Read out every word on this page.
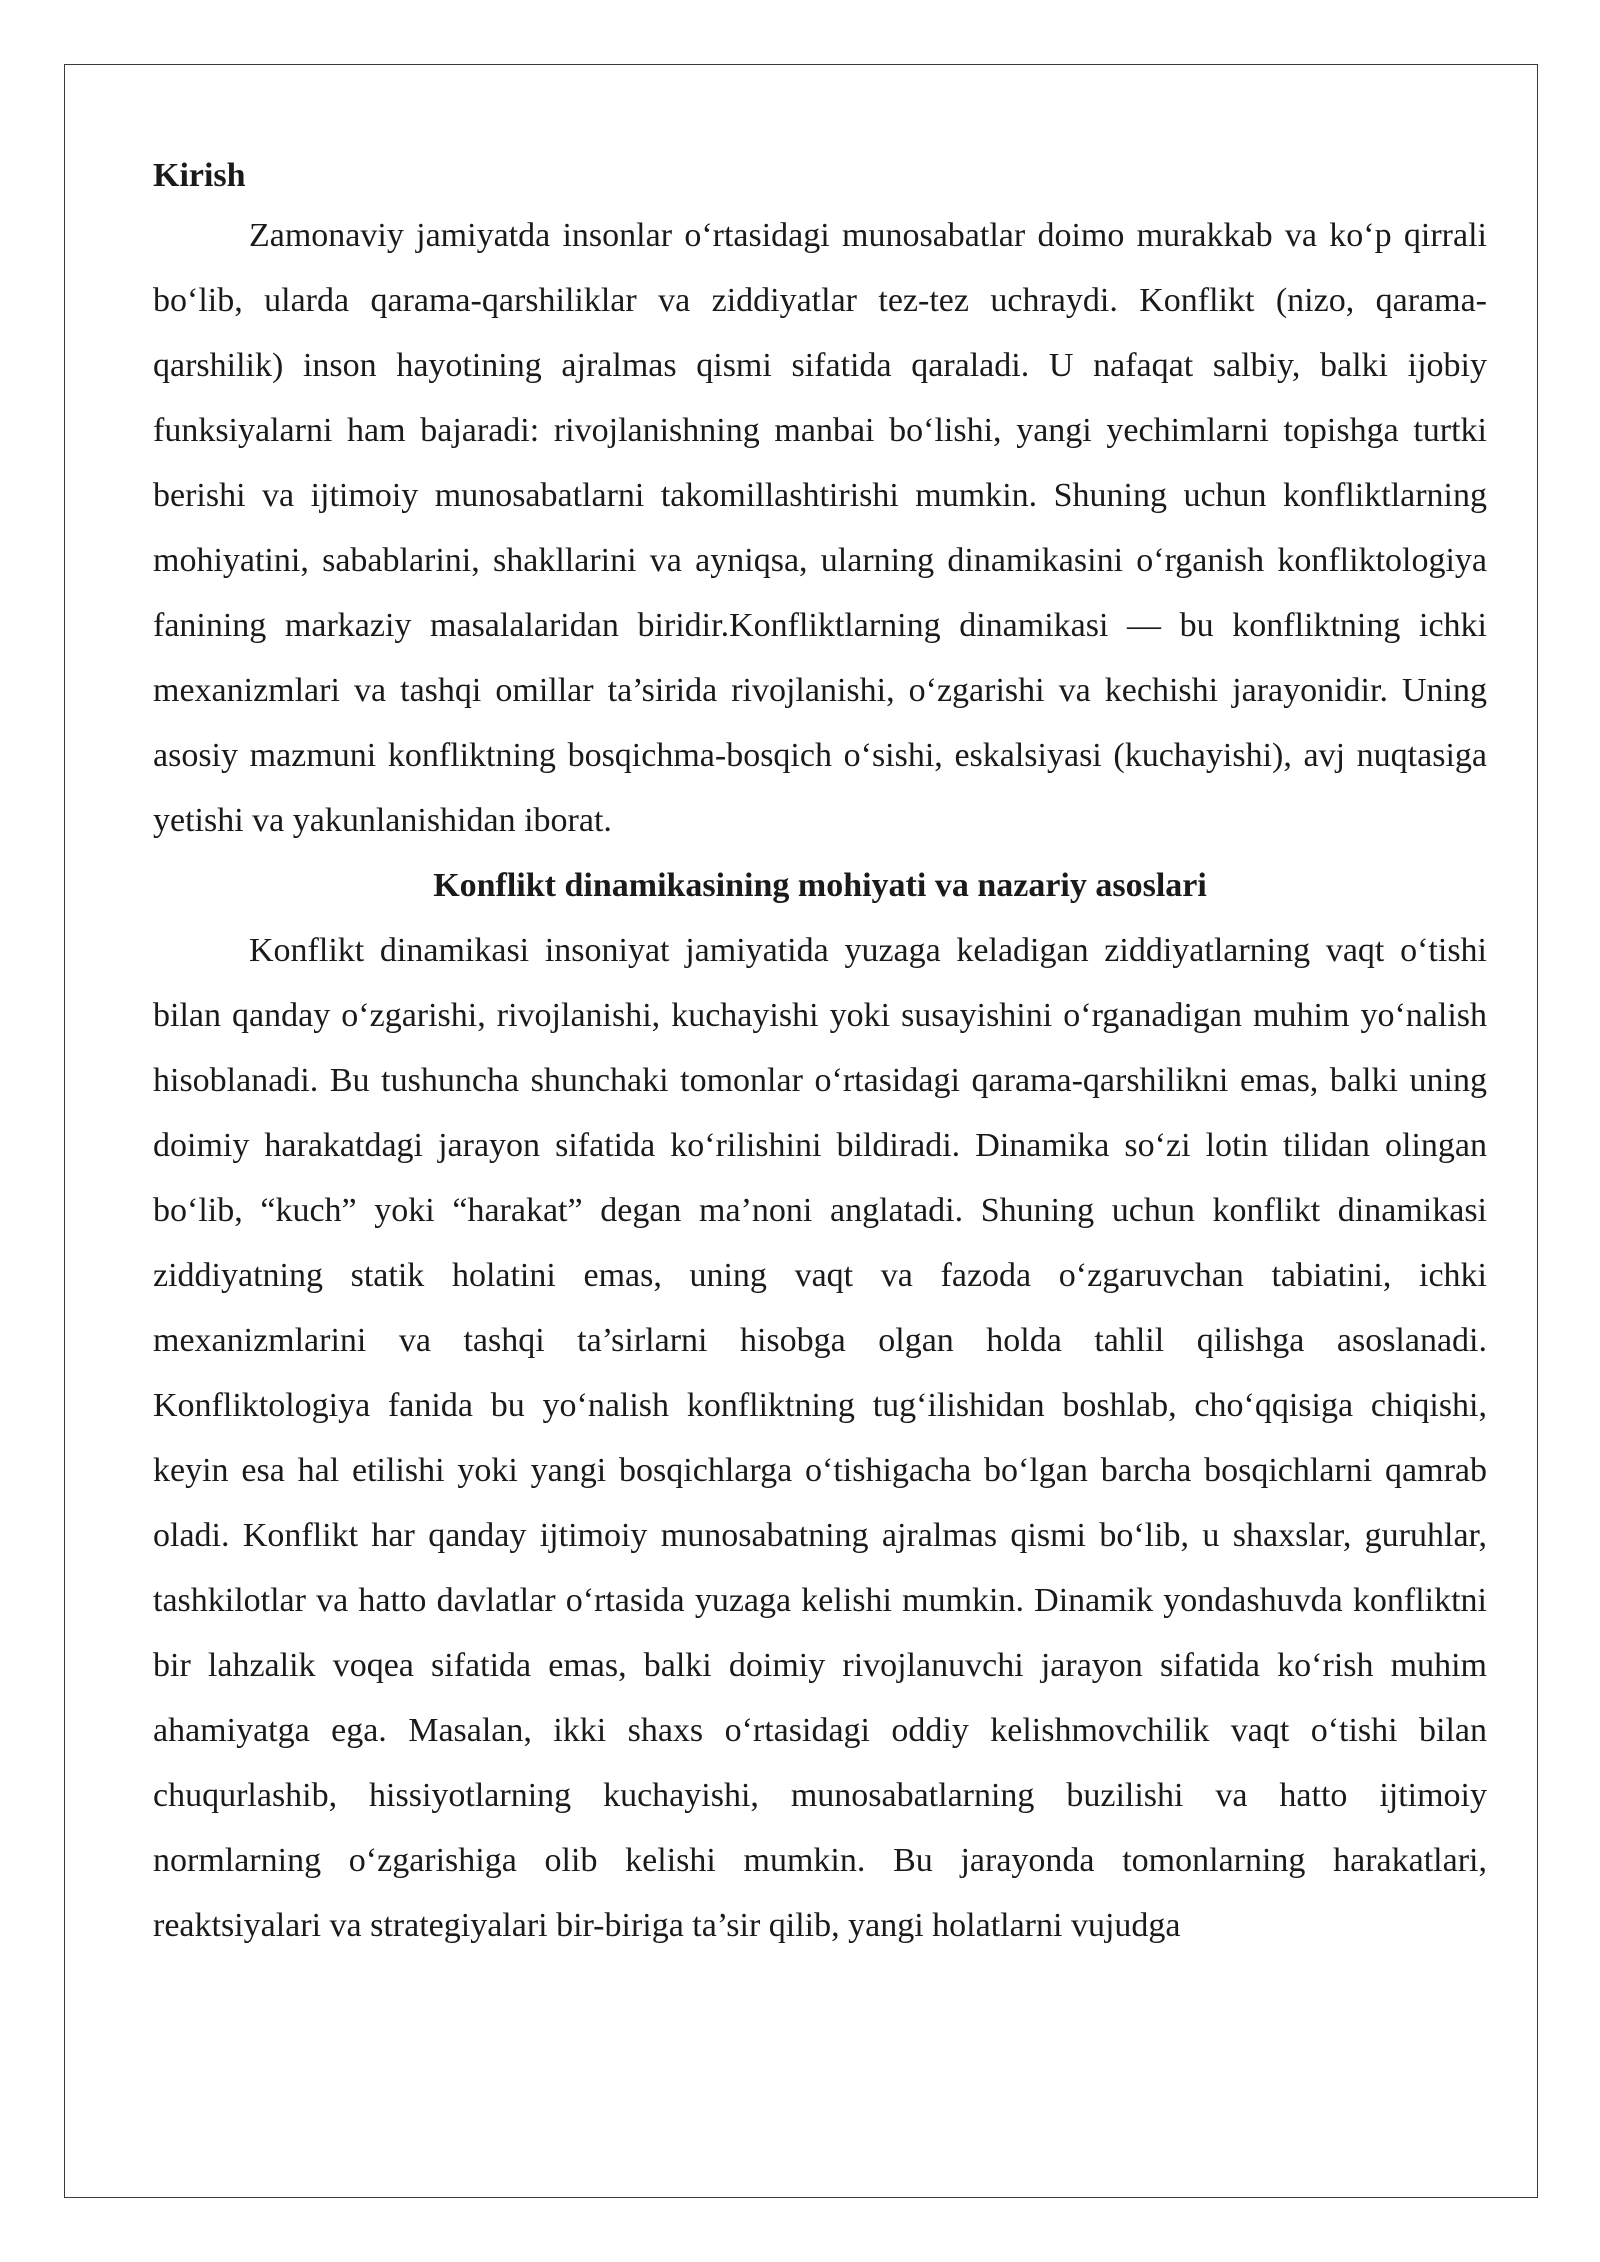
Kirish

Zamonaviy jamiyatda insonlar o‘rtasidagi munosabatlar doimo murakkab va ko‘p qirrali bo‘lib, ularda qarama-qarshiliklar va ziddiyatlar tez-tez uchraydi. Konflikt (nizo, qarama-qarshilik) inson hayotining ajralmas qismi sifatida qaraladi. U nafaqat salbiy, balki ijobiy funksiyalarni ham bajaradi: rivojlanishning manbai bo‘lishi, yangi yechimlarni topishga turtki berishi va ijtimoiy munosabatlarni takomillashtirishi mumkin. Shuning uchun konfliktlarning mohiyatini, sabablarini, shakllarini va ayniqsa, ularning dinamikasini o‘rganish konfliktologiya fanining markaziy masalalaridan biridir.Konfliktlarning dinamikasi — bu konfliktning ichki mexanizmlari va tashqi omillar ta’sirida rivojlanishi, o‘zgarishi va kechishi jarayonidir. Uning asosiy mazmuni konfliktning bosqichma-bosqich o‘sishi, eskalsiyasi (kuchayishi), avj nuqtasiga yetishi va yakunlanishidan iborat.

Konflikt dinamikasining mohiyati va nazariy asoslari

Konflikt dinamikasi insoniyat jamiyatida yuzaga keladigan ziddiyatlarning vaqt o‘tishi bilan qanday o‘zgarishi, rivojlanishi, kuchayishi yoki susayishini o‘rganadigan muhim yo‘nalish hisoblanadi. Bu tushuncha shunchaki tomonlar o‘rtasidagi qarama-qarshilikni emas, balki uning doimiy harakatdagi jarayon sifatida ko‘rilishini bildiradi. Dinamika so‘zi lotin tilidan olingan bo‘lib, “kuch” yoki “harakat” degan ma’noni anglatadi. Shuning uchun konflikt dinamikasi ziddiyatning statik holatini emas, uning vaqt va fazoda o‘zgaruvchan tabiatini, ichki mexanizmlarini va tashqi ta’sirlarni hisobga olgan holda tahlil qilishga asoslanadi. Konfliktologiya fanida bu yo‘nalish konfliktning tug‘ilishidan boshlab, cho‘qqisiga chiqishi, keyin esa hal etilishi yoki yangi bosqichlarga o‘tishigacha bo‘lgan barcha bosqichlarni qamrab oladi. Konflikt har qanday ijtimoiy munosabatning ajralmas qismi bo‘lib, u shaxslar, guruhlar, tashkilotlar va hatto davlatlar o‘rtasida yuzaga kelishi mumkin. Dinamik yondashuvda konfliktni bir lahzalik voqea sifatida emas, balki doimiy rivojlanuvchi jarayon sifatida ko‘rish muhim ahamiyatga ega. Masalan, ikki shaxs o‘rtasidagi oddiy kelishmovchilik vaqt o‘tishi bilan chuqurlashib, hissiyotlarning kuchayishi, munosabatlarning buzilishi va hatto ijtimoiy normlarning o‘zgarishiga olib kelishi mumkin. Bu jarayonda tomonlarning harakatlari, reaktsiyalari va strategiyalari bir-biriga ta’sir qilib, yangi holatlarni vujudga
